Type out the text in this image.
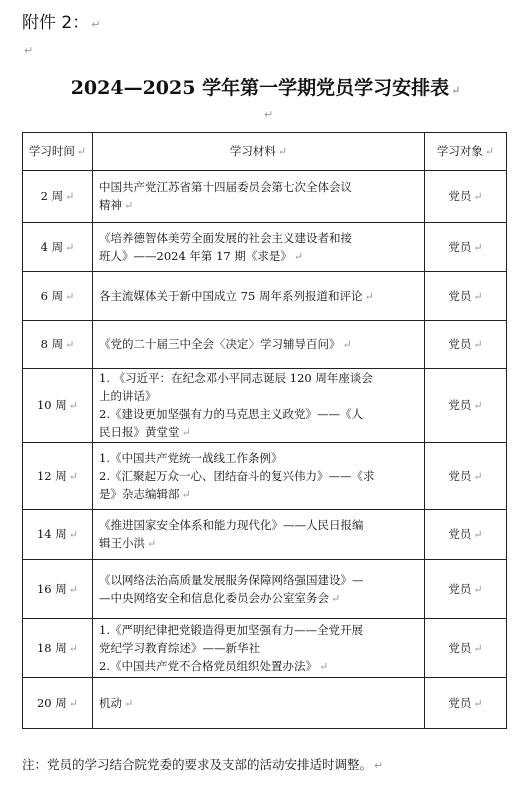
附件 2： ↵
↵
2024—2025 学年第一学期党员学习安排表 ↵
↵
学习时间 ↵	学习材料 ↵	学习对象 ↵
2 周 ↵	中国共产党江苏省第十四届委员会第七次全体会议
精神 ↵	党员 ↵
4 周 ↵	《培养德智体美劳全面发展的社会主义建设者和接
班人》——2024 年第 17 期《求是》 ↵	党员 ↵
6 周 ↵	各主流媒体关于新中国成立 75 周年系列报道和评论 ↵	党员 ↵
8 周 ↵	《党的二十届三中全会〈决定〉学习辅导百问》 ↵	党员 ↵
10 周 ↵	1. 《习近平：在纪念邓小平同志诞辰 120 周年座谈会
上的讲话》
2.《建设更加坚强有力的马克思主义政党》——《人
民日报》黄堂堂 ↵	党员 ↵
12 周 ↵	1.《中国共产党统一战线工作条例》
2.《汇聚起万众一心、团结奋斗的复兴伟力》——《求
是》杂志编辑部 ↵	党员 ↵
14 周 ↵	《推进国家安全体系和能力现代化》——人民日报编
辑王小洪 ↵	党员 ↵
16 周 ↵	《以网络法治高质量发展服务保障网络强国建设》—
—中央网络安全和信息化委员会办公室室务会 ↵	党员 ↵
18 周 ↵	1.《严明纪律把党锻造得更加坚强有力——全党开展
党纪学习教育综述》——新华社
2.《中国共产党不合格党员组织处置办法》 ↵	党员 ↵
20 周 ↵	机动 ↵	党员 ↵
注：党员的学习结合院党委的要求及支部的活动安排适时调整。 ↵
